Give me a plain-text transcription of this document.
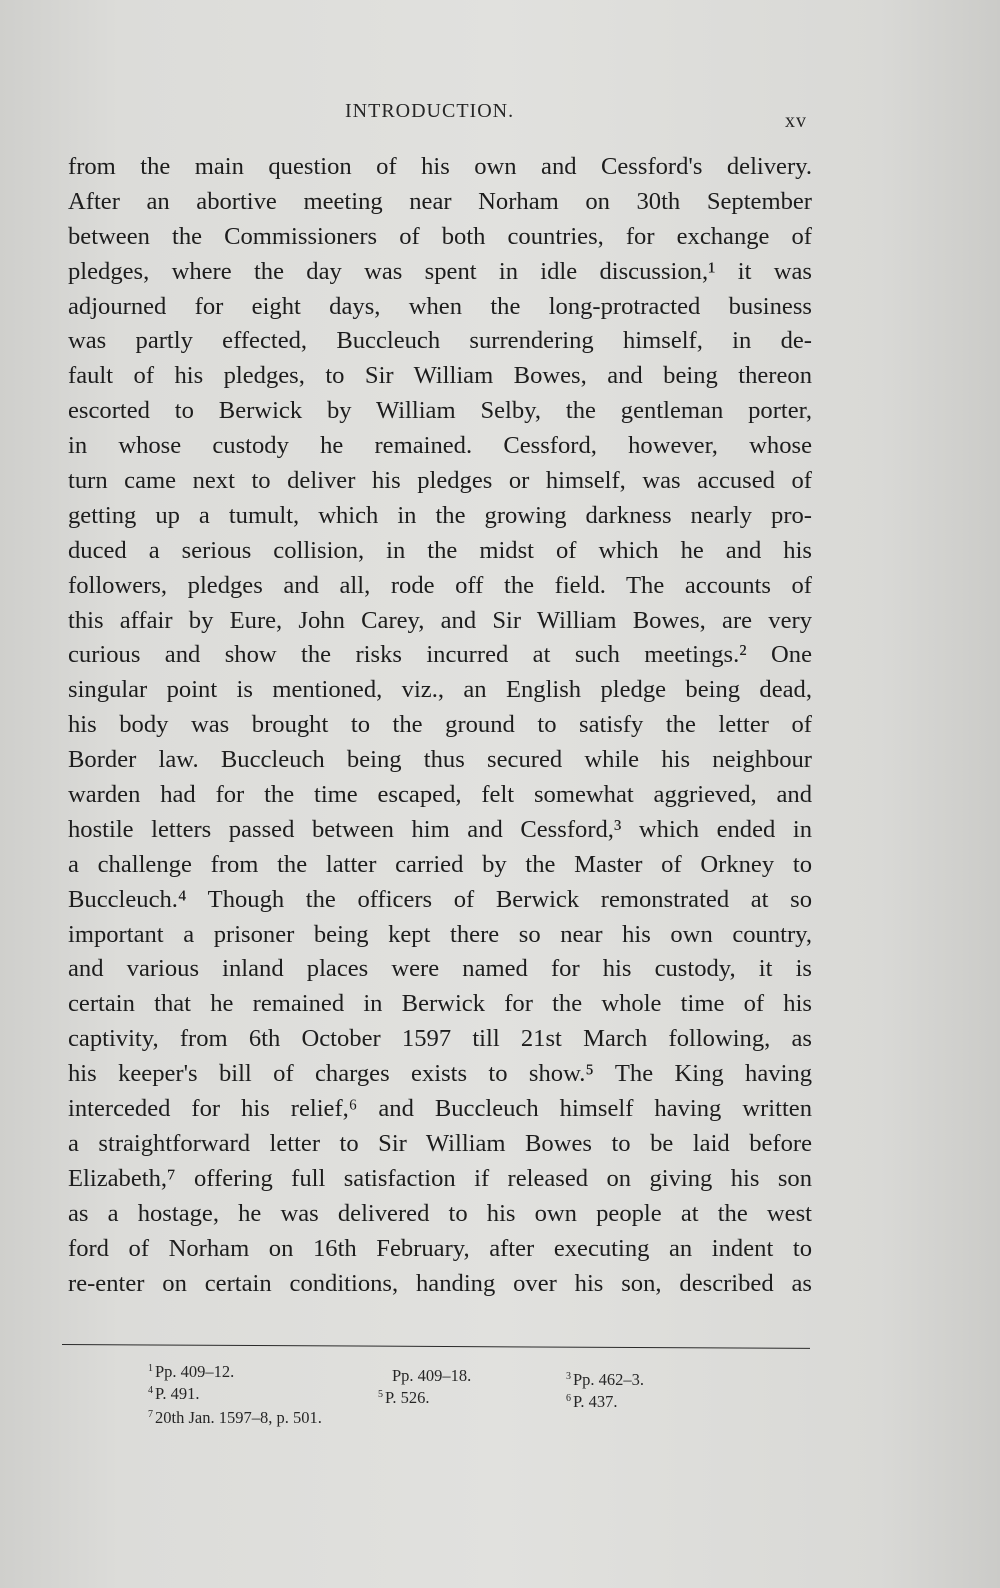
INTRODUCTION.	xv
from the main question of his own and Cessford's delivery.
After an abortive meeting near Norham on 30th September
between the Commissioners of both countries, for exchange of
pledges, where the day was spent in idle discussion,¹ it was
adjourned for eight days, when the long-protracted business
was partly effected, Buccleuch surrendering himself, in de-
fault of his pledges, to Sir William Bowes, and being thereon
escorted to Berwick by William Selby, the gentleman porter,
in whose custody he remained. Cessford, however, whose
turn came next to deliver his pledges or himself, was accused of
getting up a tumult, which in the growing darkness nearly pro-
duced a serious collision, in the midst of which he and his
followers, pledges and all, rode off the field. The accounts of
this affair by Eure, John Carey, and Sir William Bowes, are very
curious and show the risks incurred at such meetings.² One
singular point is mentioned, viz., an English pledge being dead,
his body was brought to the ground to satisfy the letter of
Border law. Buccleuch being thus secured while his neighbour
warden had for the time escaped, felt somewhat aggrieved, and
hostile letters passed between him and Cessford,³ which ended in
a challenge from the latter carried by the Master of Orkney to
Buccleuch.⁴ Though the officers of Berwick remonstrated at so
important a prisoner being kept there so near his own country,
and various inland places were named for his custody, it is
certain that he remained in Berwick for the whole time of his
captivity, from 6th October 1597 till 21st March following, as
his keeper's bill of charges exists to show.⁵ The King having
interceded for his relief,⁶ and Buccleuch himself having written
a straightforward letter to Sir William Bowes to be laid before
Elizabeth,⁷ offering full satisfaction if released on giving his son
as a hostage, he was delivered to his own people at the west
ford of Norham on 16th February, after executing an indent to
re-enter on certain conditions, handing over his son, described as
$^1$ Pp. 409–12.	Pp. 409–18.	$^3$ Pp. 462–3.
$^4$ P. 491.	$^5$ P. 526.	$^6$ P. 437.
$^7$ 20th Jan. 1597–8, p. 501.
